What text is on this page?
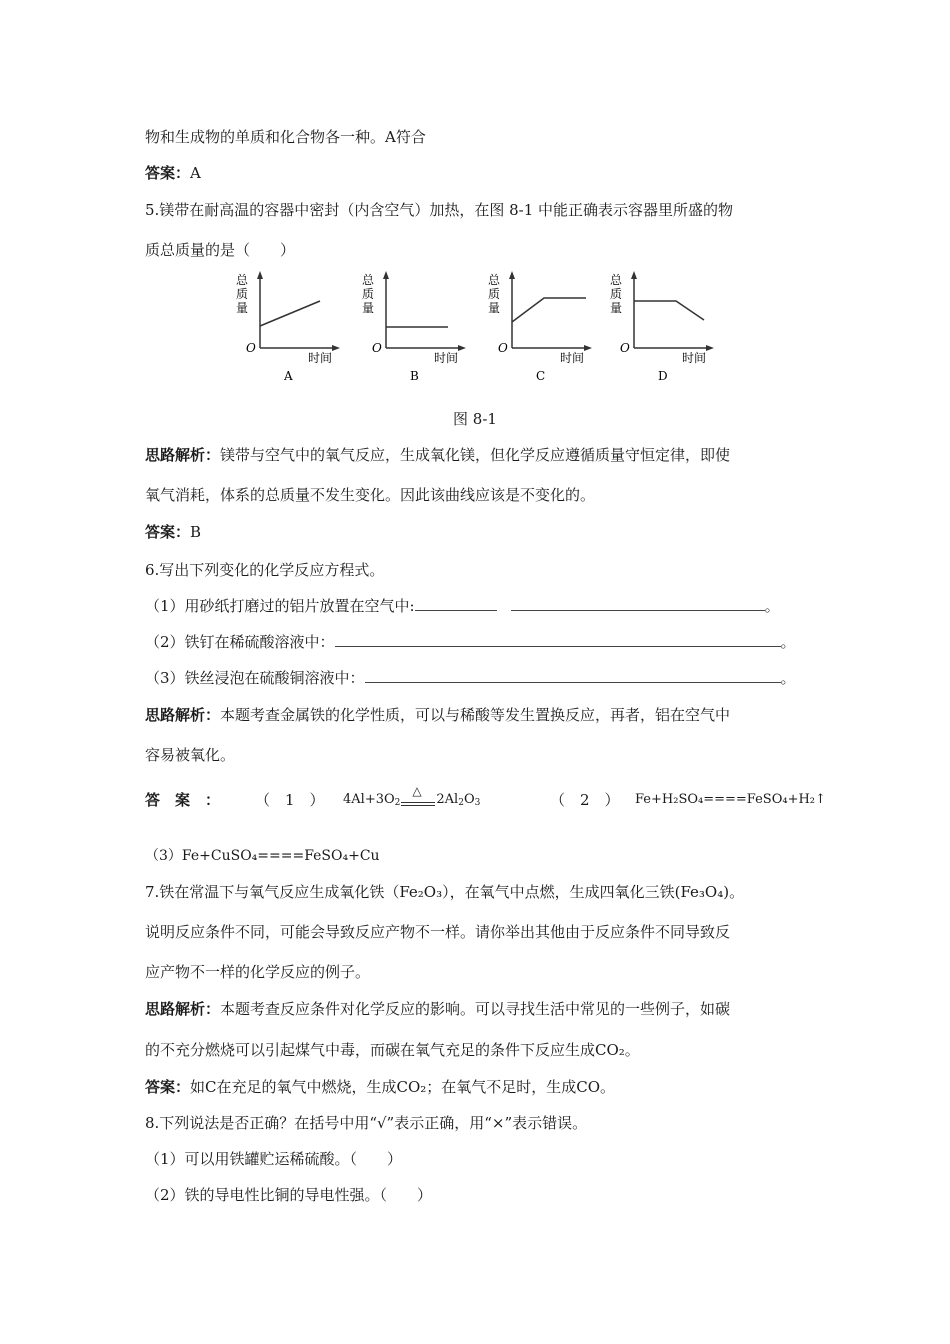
物和生成物的单质和化合物各一种。A符合
答案：A
5.镁带在耐高温的容器中密封（内含空气）加热，在图 8-1 中能正确表示容器里所盛的物
质总质量的是（　　）
总
质
量
O
时间
A
总
质
量
O
时间
B
总
质
量
O
时间
C
总
质
量
O
时间
D
图 8-1
思路解析：镁带与空气中的氧气反应，生成氧化镁，但化学反应遵循质量守恒定律，即使
氧气消耗，体系的总质量不发生变化。因此该曲线应该是不变化的。
答案：B
6.写出下列变化的化学反应方程式。
（1）用砂纸打磨过的铝片放置在空气中:	。
（2）铁钉在稀硫酸溶液中：	。
（3）铁丝浸泡在硫酸铜溶液中：	。
思路解析：本题考查金属铁的化学性质，可以与稀酸等发生置换反应，再者，铝在空气中
容易被氧化。
答　案　： （　1　） $4Al+3O_2$
△
$2Al_2O_3$	（　2　） Fe+H₂SO₄====FeSO₄+H₂↑
（3）Fe+CuSO₄====FeSO₄+Cu
7.铁在常温下与氧气反应生成氧化铁（Fe₂O₃），在氧气中点燃，生成四氧化三铁(Fe₃O₄)。
说明反应条件不同，可能会导致反应产物不一样。请你举出其他由于反应条件不同导致反
应产物不一样的化学反应的例子。
思路解析：本题考查反应条件对化学反应的影响。可以寻找生活中常见的一些例子，如碳
的不充分燃烧可以引起煤气中毒，而碳在氧气充足的条件下反应生成CO₂。
答案：如C在充足的氧气中燃烧，生成CO₂；在氧气不足时，生成CO。
8.下列说法是否正确？在括号中用“√”表示正确，用“×”表示错误。
（1）可以用铁罐贮运稀硫酸。（　　）
（2）铁的导电性比铜的导电性强。（　　）
